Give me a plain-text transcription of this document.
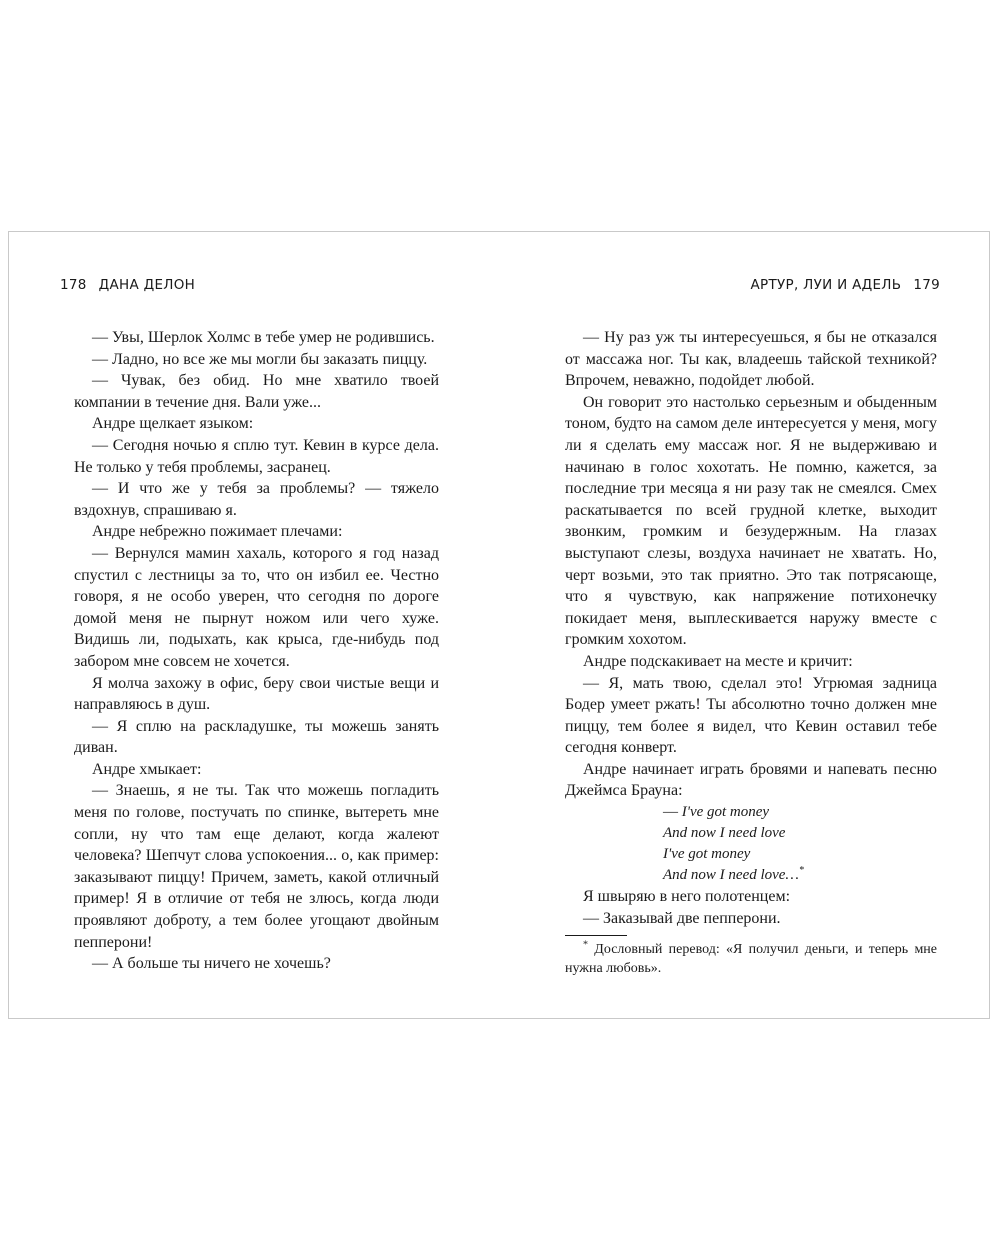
178 ДАНА ДЕЛОН

— Увы, Шерлок Холмс в тебе умер не родившись.

— Ладно, но все же мы могли бы заказать пиццу.

— Чувак, без обид. Но мне хватило твоей компании в течение дня. Вали уже...

Андре щелкает языком:

— Сегодня ночью я сплю тут. Кевин в курсе дела. Не только у тебя проблемы, засранец.

— И что же у тебя за проблемы? — тяжело вздохнув, спрашиваю я.

Андре небрежно пожимает плечами:

— Вернулся мамин хахаль, которого я год назад спустил с лестницы за то, что он избил ее. Честно говоря, я не особо уверен, что сегодня по дороге домой меня не пырнут ножом или чего хуже. Видишь ли, подыхать, как крыса, где-нибудь под забором мне совсем не хочется.

Я молча захожу в офис, беру свои чистые вещи и направляюсь в душ.

— Я сплю на раскладушке, ты можешь занять диван.

Андре хмыкает:

— Знаешь, я не ты. Так что можешь погладить меня по голове, постучать по спинке, вытереть мне сопли, ну что там еще делают, когда жалеют человека? Шепчут слова успокоения... о, как пример: заказывают пиццу! Причем, заметь, какой отличный пример! Я в отличие от тебя не злюсь, когда люди проявляют доброту, а тем более угощают двойным пепперони!

— А больше ты ничего не хочешь?

АРТУР, ЛУИ И АДЕЛЬ 179

— Ну раз уж ты интересуешься, я бы не отказался от массажа ног. Ты как, владеешь тайской техникой? Впрочем, неважно, подойдет любой.

Он говорит это настолько серьезным и обыденным тоном, будто на самом деле интересуется у меня, могу ли я сделать ему массаж ног. Я не выдерживаю и начинаю в голос хохотать. Не помню, кажется, за последние три месяца я ни разу так не смеялся. Смех раскатывается по всей грудной клетке, выходит звонким, громким и безудержным. На глазах выступают слезы, воздуха начинает не хватать. Но, черт возьми, это так приятно. Это так потрясающе, что я чувствую, как напряжение потихонечку покидает меня, выплескивается наружу вместе с громким хохотом.

Андре подскакивает на месте и кричит:

— Я, мать твою, сделал это! Угрюмая задница Бодер умеет ржать! Ты абсолютно точно должен мне пиццу, тем более я видел, что Кевин оставил тебе сегодня конверт.

Андре начинает играть бровями и напевать песню Джеймса Брауна:

— I've got money
And now I need love
I've got money
And now I need love…*

Я швыряю в него полотенцем:

— Заказывай две пепперони.

* Дословный перевод: «Я получил деньги, и теперь мне нужна любовь».
